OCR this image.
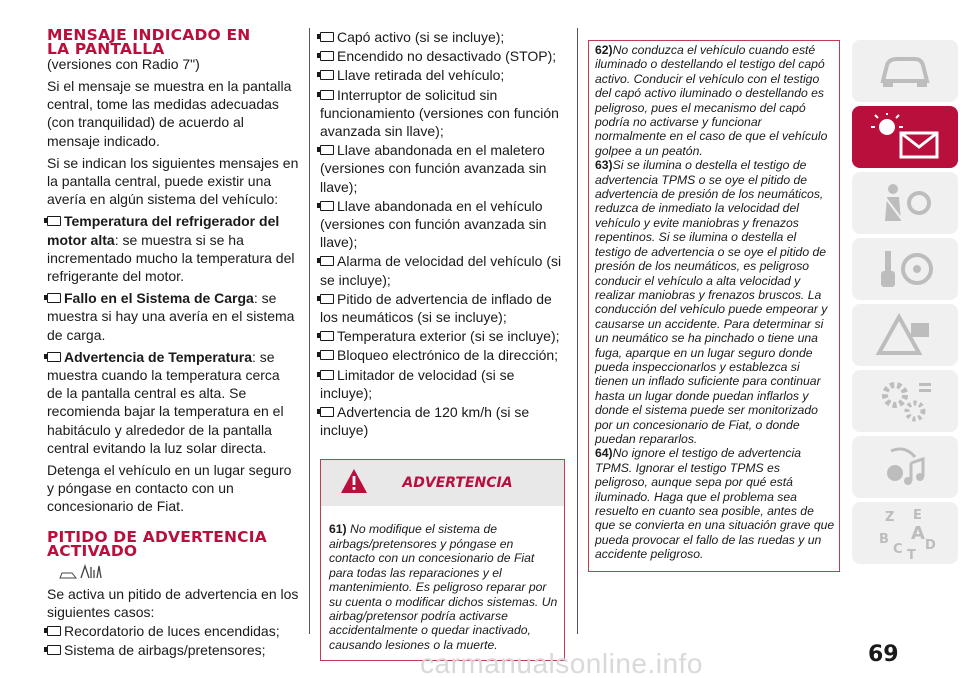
MENSAJE INDICADO EN
LA PANTALLA
(versiones con Radio 7")

Si el mensaje se muestra en la pantalla central, tome las medidas adecuadas (con tranquilidad) de acuerdo al mensaje indicado.

Si se indican los siguientes mensajes en la pantalla central, puede existir una avería en algún sistema del vehículo:

Temperatura del refrigerador del motor alta: se muestra si se ha incrementado mucho la temperatura del refrigerante del motor.

Fallo en el Sistema de Carga: se muestra si hay una avería en el sistema de carga.

Advertencia de Temperatura: se muestra cuando la temperatura cerca de la pantalla central es alta. Se recomienda bajar la temperatura en el habitáculo y alrededor de la pantalla central evitando la luz solar directa.

Detenga el vehículo en un lugar seguro y póngase en contacto con un concesionario de Fiat.

PITIDO DE ADVERTENCIA
ACTIVADO

Se activa un pitido de advertencia en los siguientes casos:

Recordatorio de luces encendidas;

Sistema de airbags/pretensores;

Capó activo (si se incluye);

Encendido no desactivado (STOP);

Llave retirada del vehículo;

Interruptor de solicitud sin funcionamiento (versiones con función avanzada sin llave);

Llave abandonada en el maletero (versiones con función avanzada sin llave);

Llave abandonada en el vehículo (versiones con función avanzada sin llave);

Alarma de velocidad del vehículo (si se incluye);

Pitido de advertencia de inflado de los neumáticos (si se incluye);

Temperatura exterior (si se incluye);

Bloqueo electrónico de la dirección;

Limitador de velocidad (si se incluye);

Advertencia de 120 km/h (si se incluye)

ADVERTENCIA
61) No modifique el sistema de airbags/pretensores y póngase en contacto con un concesionario de Fiat para todas las reparaciones y el mantenimiento. Es peligroso reparar por su cuenta o modificar dichos sistemas. Un airbag/pretensor podría activarse accidentalmente o quedar inactivado, causando lesiones o la muerte.
62)No conduzca el vehículo cuando esté iluminado o destellando el testigo del capó activo. Conducir el vehículo con el testigo del capó activo iluminado o destellando es peligroso, pues el mecanismo del capó podría no activarse y funcionar normalmente en el caso de que el vehículo golpee a un peatón.
63)Si se ilumina o destella el testigo de advertencia TPMS o se oye el pitido de advertencia de presión de los neumáticos, reduzca de inmediato la velocidad del vehículo y evite maniobras y frenazos repentinos. Si se ilumina o destella el testigo de advertencia o se oye el pitido de presión de los neumáticos, es peligroso conducir el vehículo a alta velocidad y realizar maniobras y frenazos bruscos. La conducción del vehículo puede empeorar y causarse un accidente. Para determinar si un neumático se ha pinchado o tiene una fuga, aparque en un lugar seguro donde pueda inspeccionarlos y establezca si tienen un inflado suficiente para continuar hasta un lugar donde puedan inflarlos y donde el sistema puede ser monitorizado por un concesionario de Fiat, o donde puedan repararlos.
64)No ignore el testigo de advertencia TPMS. Ignorar el testigo TPMS es peligroso, aunque sepa por qué está iluminado. Haga que el problema sea resuelto en cuanto sea posible, antes de que se convierta en una situación grave que pueda provocar el fallo de las ruedas y un accidente peligroso.
Z E
A
B
C D
T
69
carmanualsonline.info
